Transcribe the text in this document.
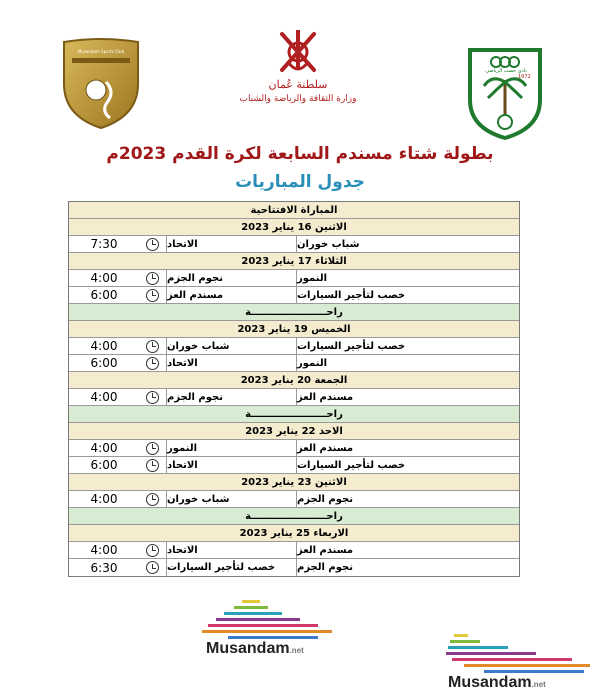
Musandam Sports Club
سلطنة عُمان
وزارة الثقافة والرياضة والشباب
نادي خصب الرياضي
1972
بطولة شتاء مسندم السابعة لكرة القدم 2023م
جدول المباريات
المباراة الافتتاحية
الاثنين 16 يناير 2023
7:30	الاتحاد	شباب خوران
الثلاثاء 17 يناير 2023
4:00	نجوم الجزم	النمور
6:00	مسندم العز	خصب لتأجير السيارات
راحــــــــــــــــــــــة
الخميس 19 يناير 2023
4:00	شباب خوران	خصب لتأجير السيارات
6:00	الاتحاد	النمور
الجمعة 20 يناير 2023
4:00	نجوم الجزم	مسندم العز
راحــــــــــــــــــــــة
الاحد 22 يناير 2023
4:00	النمور	مسندم العز
6:00	الاتحاد	خصب لتأجير السيارات
الاثنين 23 يناير 2023
4:00	شباب خوران	نجوم الجزم
راحــــــــــــــــــــــة
الاربعاء 25 يناير 2023
4:00	الاتحاد	مسندم العز
6:30	خصب لتأجير السيارات	نجوم الجزم
Musandam.net
Musandam.net
